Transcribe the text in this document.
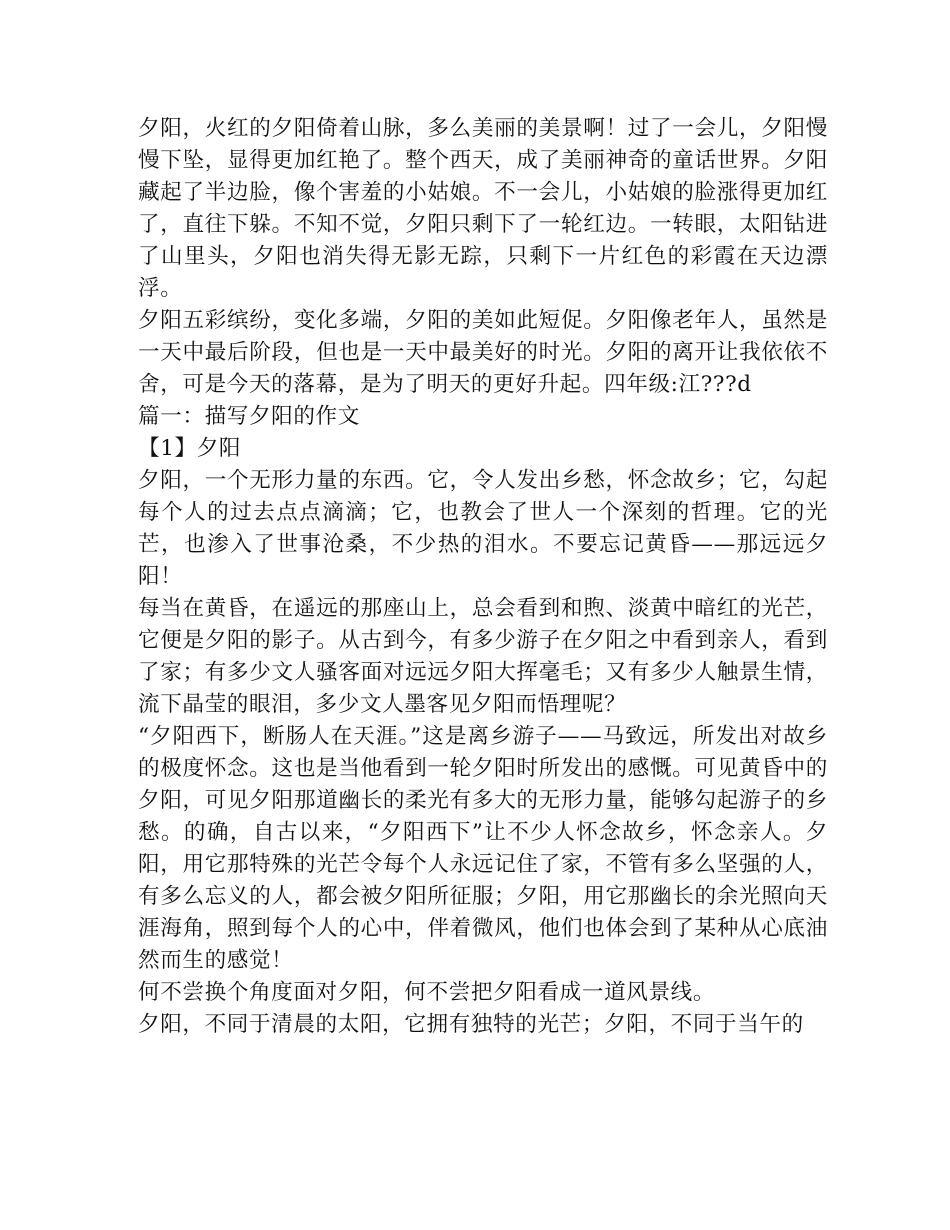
夕阳，火红的夕阳倚着山脉，多么美丽的美景啊！过了一会儿，夕阳慢慢下坠，显得更加红艳了。整个西天，成了美丽神奇的童话世界。夕阳藏起了半边脸，像个害羞的小姑娘。不一会儿，小姑娘的脸涨得更加红了，直往下躲。不知不觉，夕阳只剩下了一轮红边。一转眼，太阳钻进了山里头，夕阳也消失得无影无踪，只剩下一片红色的彩霞在天边漂浮。

夕阳五彩缤纷，变化多端，夕阳的美如此短促。夕阳像老年人，虽然是一天中最后阶段，但也是一天中最美好的时光。夕阳的离开让我依依不舍，可是今天的落幕，是为了明天的更好升起。四年级:江???d

篇一：描写夕阳的作文

【1】夕阳

夕阳，一个无形力量的东西。它，令人发出乡愁，怀念故乡；它，勾起每个人的过去点点滴滴；它，也教会了世人一个深刻的哲理。它的光芒，也渗入了世事沧桑，不少热的泪水。不要忘记黄昏——那远远夕阳！

每当在黄昏，在遥远的那座山上，总会看到和煦、淡黄中暗红的光芒，它便是夕阳的影子。从古到今，有多少游子在夕阳之中看到亲人，看到了家；有多少文人骚客面对远远夕阳大挥毫毛；又有多少人触景生情，流下晶莹的眼泪，多少文人墨客见夕阳而悟理呢？

“夕阳西下，断肠人在天涯。”这是离乡游子——马致远，所发出对故乡的极度怀念。这也是当他看到一轮夕阳时所发出的感慨。可见黄昏中的夕阳，可见夕阳那道幽长的柔光有多大的无形力量，能够勾起游子的乡愁。的确，自古以来，“夕阳西下”让不少人怀念故乡，怀念亲人。夕阳，用它那特殊的光芒令每个人永远记住了家，不管有多么坚强的人，有多么忘义的人，都会被夕阳所征服；夕阳，用它那幽长的余光照向天涯海角，照到每个人的心中，伴着微风，他们也体会到了某种从心底油然而生的感觉！

何不尝换个角度面对夕阳，何不尝把夕阳看成一道风景线。

夕阳，不同于清晨的太阳，它拥有独特的光芒；夕阳，不同于当午的
